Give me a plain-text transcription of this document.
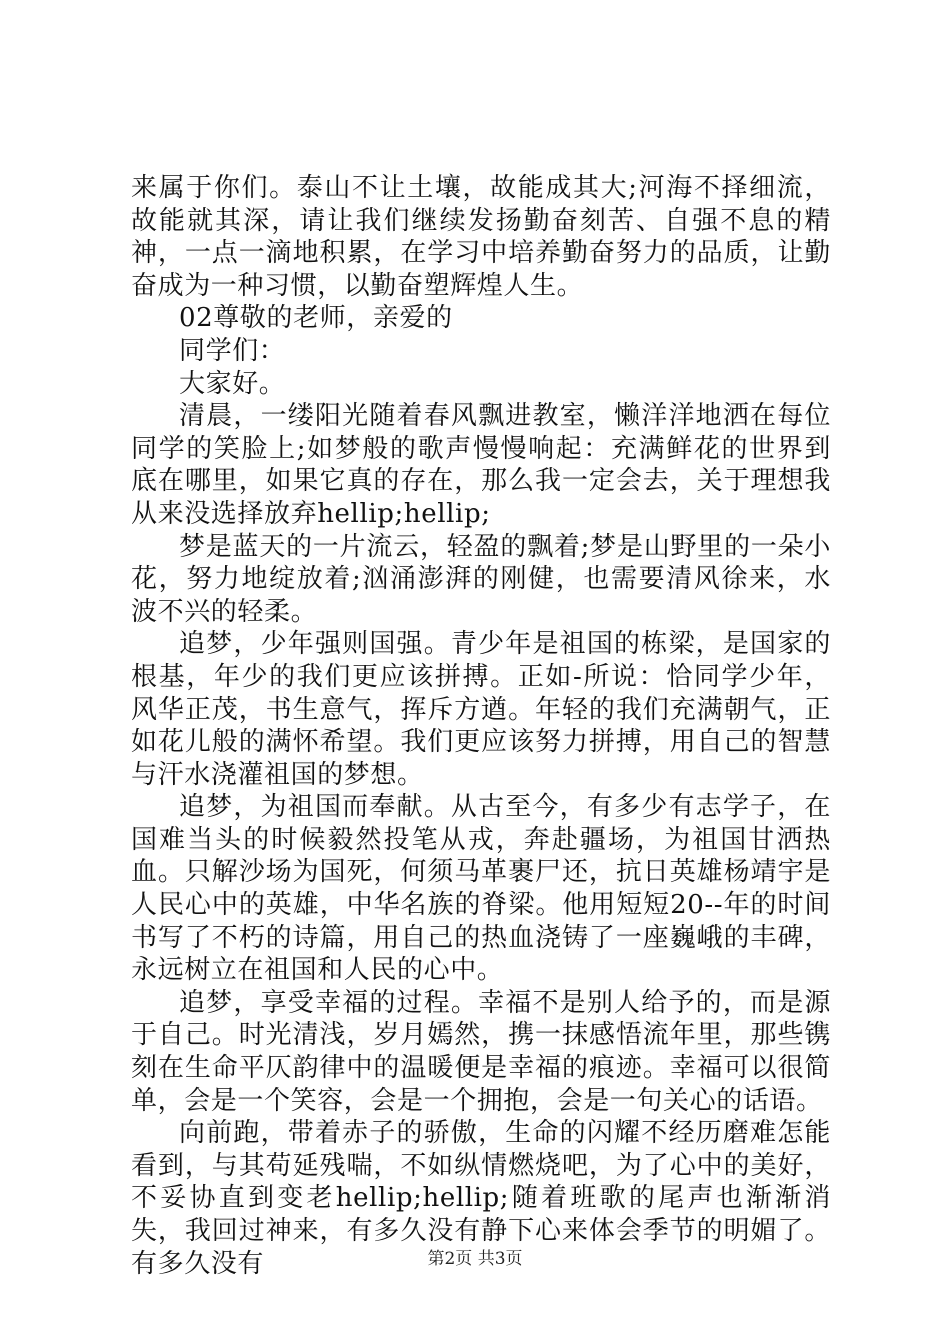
来属于你们。泰山不让土壤，故能成其大;河海不择细流，故能就其深，请让我们继续发扬勤奋刻苦、自强不息的精神，一点一滴地积累，在学习中培养勤奋努力的品质，让勤奋成为一种习惯，以勤奋塑辉煌人生。

02尊敬的老师，亲爱的

同学们：

大家好。

清晨，一缕阳光随着春风飘进教室，懒洋洋地洒在每位同学的笑脸上;如梦般的歌声慢慢响起：充满鲜花的世界到底在哪里，如果它真的存在，那么我一定会去，关于理想我从来没选择放弃hellip;hellip;

梦是蓝天的一片流云，轻盈的飘着;梦是山野里的一朵小花，努力地绽放着;汹涌澎湃的刚健，也需要清风徐来，水波不兴的轻柔。

追梦，少年强则国强。青少年是祖国的栋梁，是国家的根基，年少的我们更应该拼搏。正如-所说：恰同学少年，风华正茂，书生意气，挥斥方遒。年轻的我们充满朝气，正如花儿般的满怀希望。我们更应该努力拼搏，用自己的智慧与汗水浇灌祖国的梦想。

追梦，为祖国而奉献。从古至今，有多少有志学子，在国难当头的时候毅然投笔从戎，奔赴疆场，为祖国甘洒热血。只解沙场为国死，何须马革裹尸还，抗日英雄杨靖宇是人民心中的英雄，中华名族的脊梁。他用短短20--年的时间书写了不朽的诗篇，用自己的热血浇铸了一座巍峨的丰碑，永远树立在祖国和人民的心中。

追梦，享受幸福的过程。幸福不是别人给予的，而是源于自己。时光清浅，岁月嫣然，携一抹感悟流年里，那些镌刻在生命平仄韵律中的温暖便是幸福的痕迹。幸福可以很简单，会是一个笑容，会是一个拥抱，会是一句关心的话语。

向前跑，带着赤子的骄傲，生命的闪耀不经历磨难怎能看到，与其苟延残喘，不如纵情燃烧吧，为了心中的美好，不妥协直到变老hellip;hellip;随着班歌的尾声也渐渐消失，我回过神来，有多久没有静下心来体会季节的明媚了。有多久没有	第2页 共3页
